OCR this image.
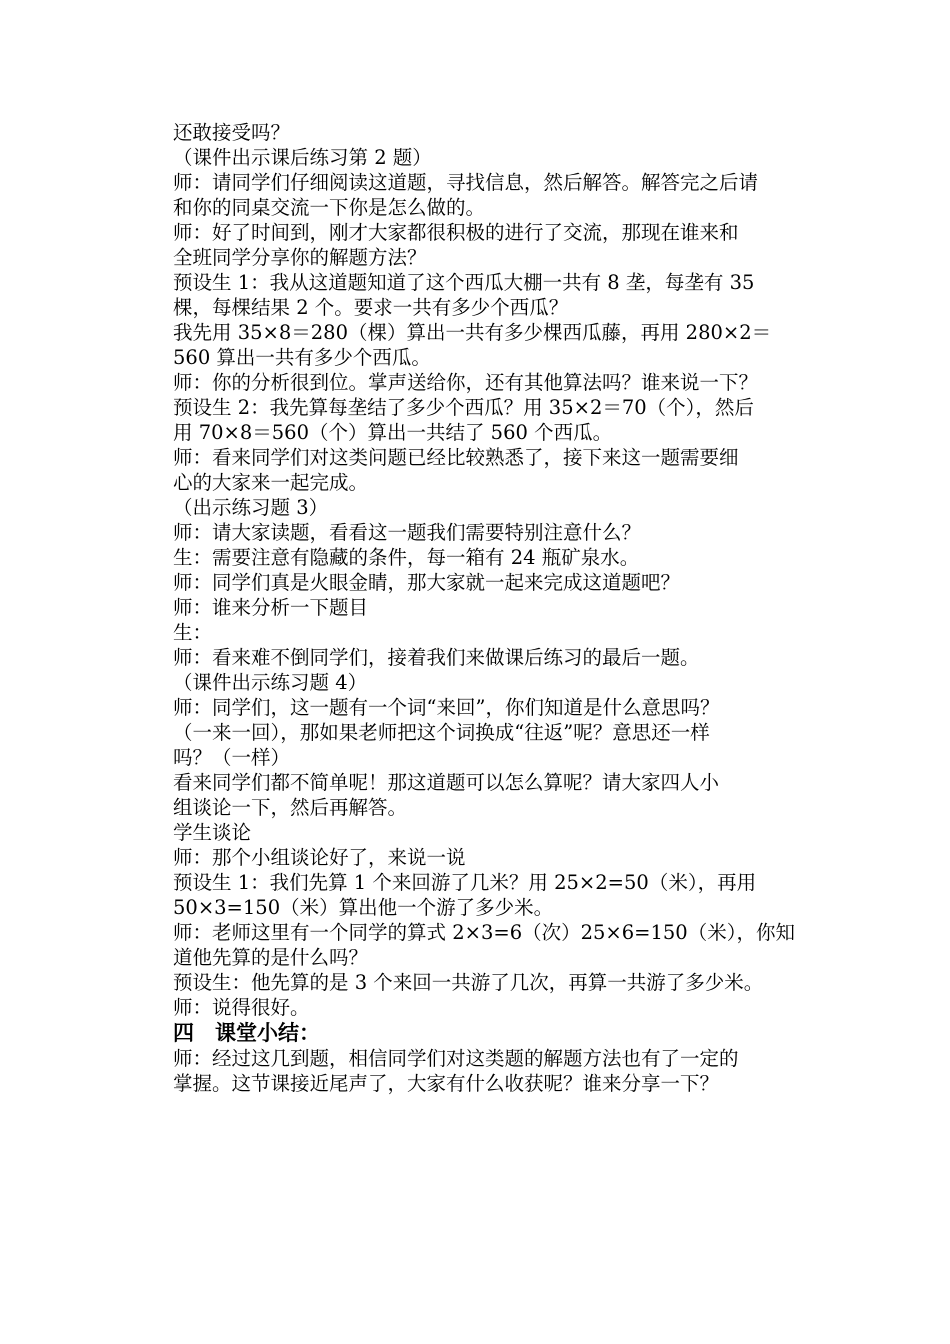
还敢接受吗？
（课件出示课后练习第 2 题）
师：请同学们仔细阅读这道题，寻找信息，然后解答。解答完之后请
和你的同桌交流一下你是怎么做的。
师：好了时间到，刚才大家都很积极的进行了交流，那现在谁来和
全班同学分享你的解题方法？
预设生 1：我从这道题知道了这个西瓜大棚一共有 8 垄，每垄有 35
棵，每棵结果 2 个。要求一共有多少个西瓜？
我先用 35×8＝280（棵）算出一共有多少棵西瓜藤，再用 280×2＝
560 算出一共有多少个西瓜。
师：你的分析很到位。掌声送给你，还有其他算法吗？谁来说一下？
预设生 2：我先算每垄结了多少个西瓜？用 35×2＝70（个），然后
用 70×8＝560（个）算出一共结了 560 个西瓜。
师：看来同学们对这类问题已经比较熟悉了，接下来这一题需要细
心的大家来一起完成。
（出示练习题 3）
师：请大家读题，看看这一题我们需要特别注意什么？
生：需要注意有隐藏的条件，每一箱有 24 瓶矿泉水。
师：同学们真是火眼金睛，那大家就一起来完成这道题吧？
师：谁来分析一下题目
生：
师：看来难不倒同学们，接着我们来做课后练习的最后一题。
（课件出示练习题 4）
师：同学们，这一题有一个词“来回”，你们知道是什么意思吗？
（一来一回），那如果老师把这个词换成“往返”呢？意思还一样
吗？（一样）
看来同学们都不简单呢！那这道题可以怎么算呢？请大家四人小
组谈论一下，然后再解答。
学生谈论
师：那个小组谈论好了，来说一说
预设生 1：我们先算 1 个来回游了几米？用 25×2=50（米），再用
50×3=150（米）算出他一个游了多少米。
师：老师这里有一个同学的算式 2×3=6（次）25×6=150（米），你知
道他先算的是什么吗？
预设生：他先算的是 3 个来回一共游了几次，再算一共游了多少米。
师：说得很好。
四　课堂小结：
师：经过这几到题，相信同学们对这类题的解题方法也有了一定的
掌握。这节课接近尾声了，大家有什么收获呢？谁来分享一下？
